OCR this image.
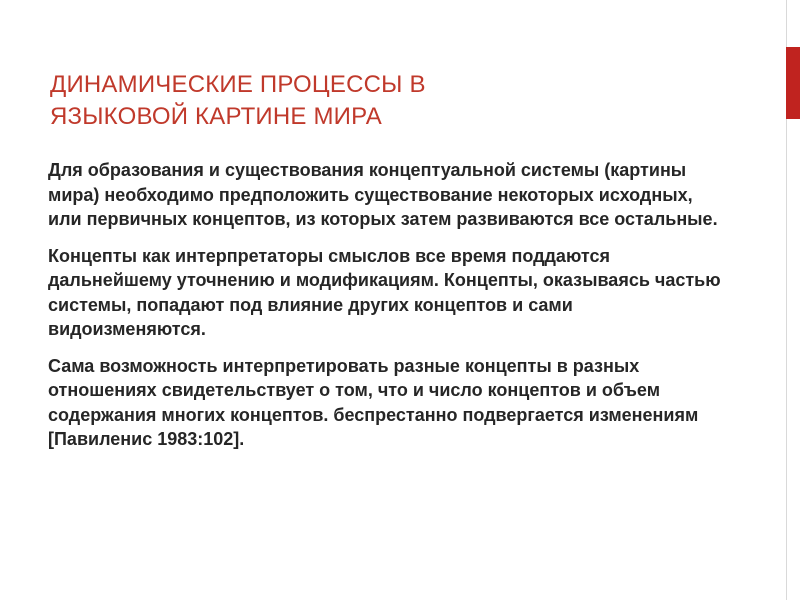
ДИНАМИЧЕСКИЕ ПРОЦЕССЫ В
ЯЗЫКОВОЙ КАРТИНЕ МИРА

Для образования и существования концептуальной системы (картины мира) необходимо предположить существование некоторых исходных, или первичных концептов, из которых затем развиваются все остальные.

Концепты как интерпретаторы смыслов все время поддаются дальнейшему уточнению и модификациям. Концепты, оказываясь частью системы, попадают под влияние других концептов и сами видоизменяются.

Сама возможность интерпретировать разные концепты в разных отношениях свидетельствует о том, что и число концептов и объем содержания многих концептов. беспрестанно подвергается изменениям [Павиленис 1983:102].
